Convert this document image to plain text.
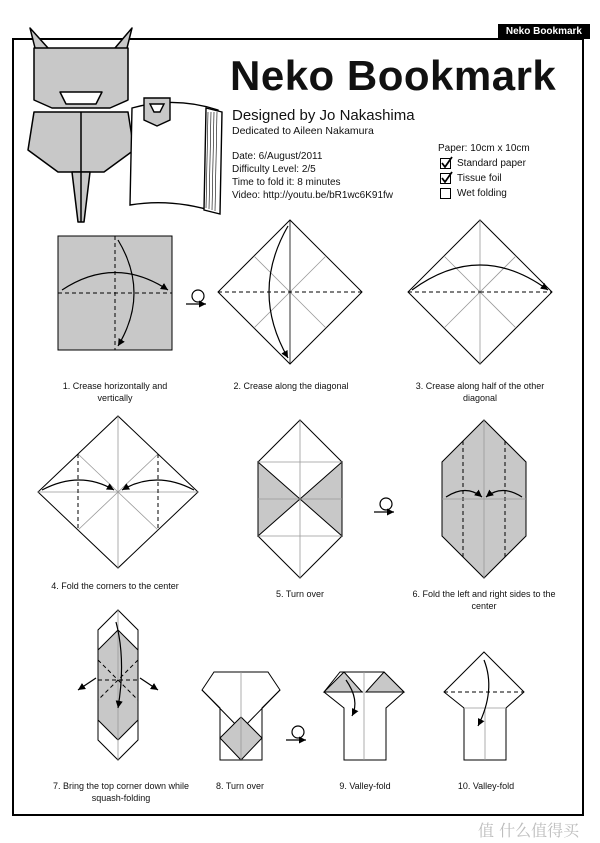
Neko Bookmark
Neko Bookmark
Designed by Jo Nakashima
Dedicated to Aileen Nakamura
Date: 6/August/2011
Difficulty Level: 2/5
Time to fold it: 8 minutes
Video: http://youtu.be/bR1wc6K91fw
Paper: 10cm x 10cm
Standard paper
Tissue foil
Wet folding
1. Crease horizontally and vertically
2. Crease along the diagonal	3. Crease along half of the other diagonal
4. Fold the corners to the center
5. Turn over	6. Fold the left and right sides to the center
7. Bring the top corner down while squash-folding
8. Turn over	9. Valley-fold	10. Valley-fold
值 什么值得买
